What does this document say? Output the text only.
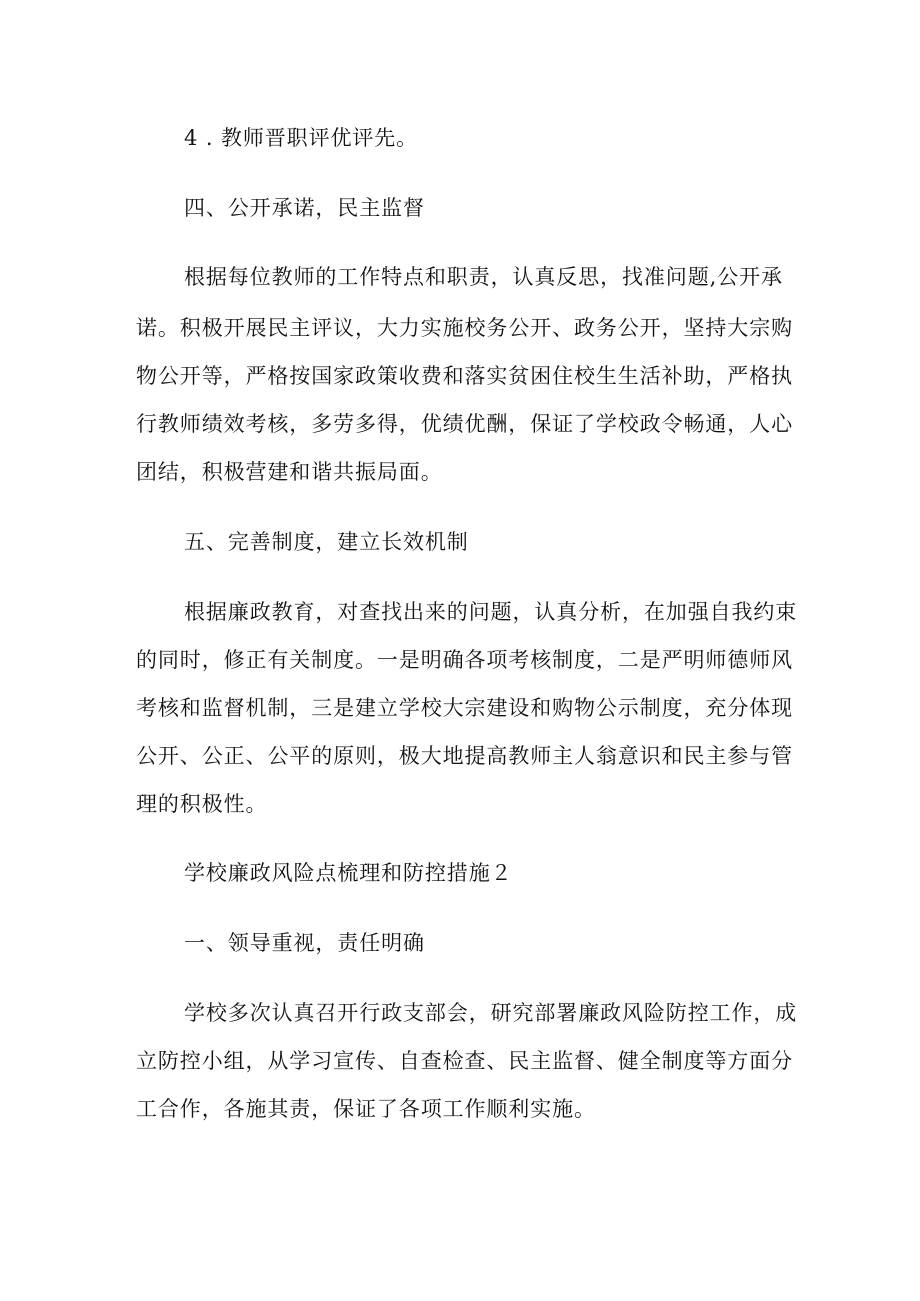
4 . 教师晋职评优评先。
四、公开承诺，民主监督
根据每位教师的工作特点和职责，认真反思，找准问题,公开承
诺。积极开展民主评议，大力实施校务公开、政务公开，坚持大宗购
物公开等，严格按国家政策收费和落实贫困住校生生活补助，严格执
行教师绩效考核，多劳多得，优绩优酬，保证了学校政令畅通，人心
团结，积极营建和谐共振局面。
五、完善制度，建立长效机制
根据廉政教育，对查找出来的问题，认真分析，在加强自我约束
的同时，修正有关制度。一是明确各项考核制度，二是严明师德师风
考核和监督机制，三是建立学校大宗建设和购物公示制度，充分体现
公开、公正、公平的原则，极大地提高教师主人翁意识和民主参与管
理的积极性。
学校廉政风险点梳理和防控措施２
一、领导重视，责任明确
学校多次认真召开行政支部会，研究部署廉政风险防控工作，成
立防控小组，从学习宣传、自查检查、民主监督、健全制度等方面分
工合作，各施其责，保证了各项工作顺利实施。
